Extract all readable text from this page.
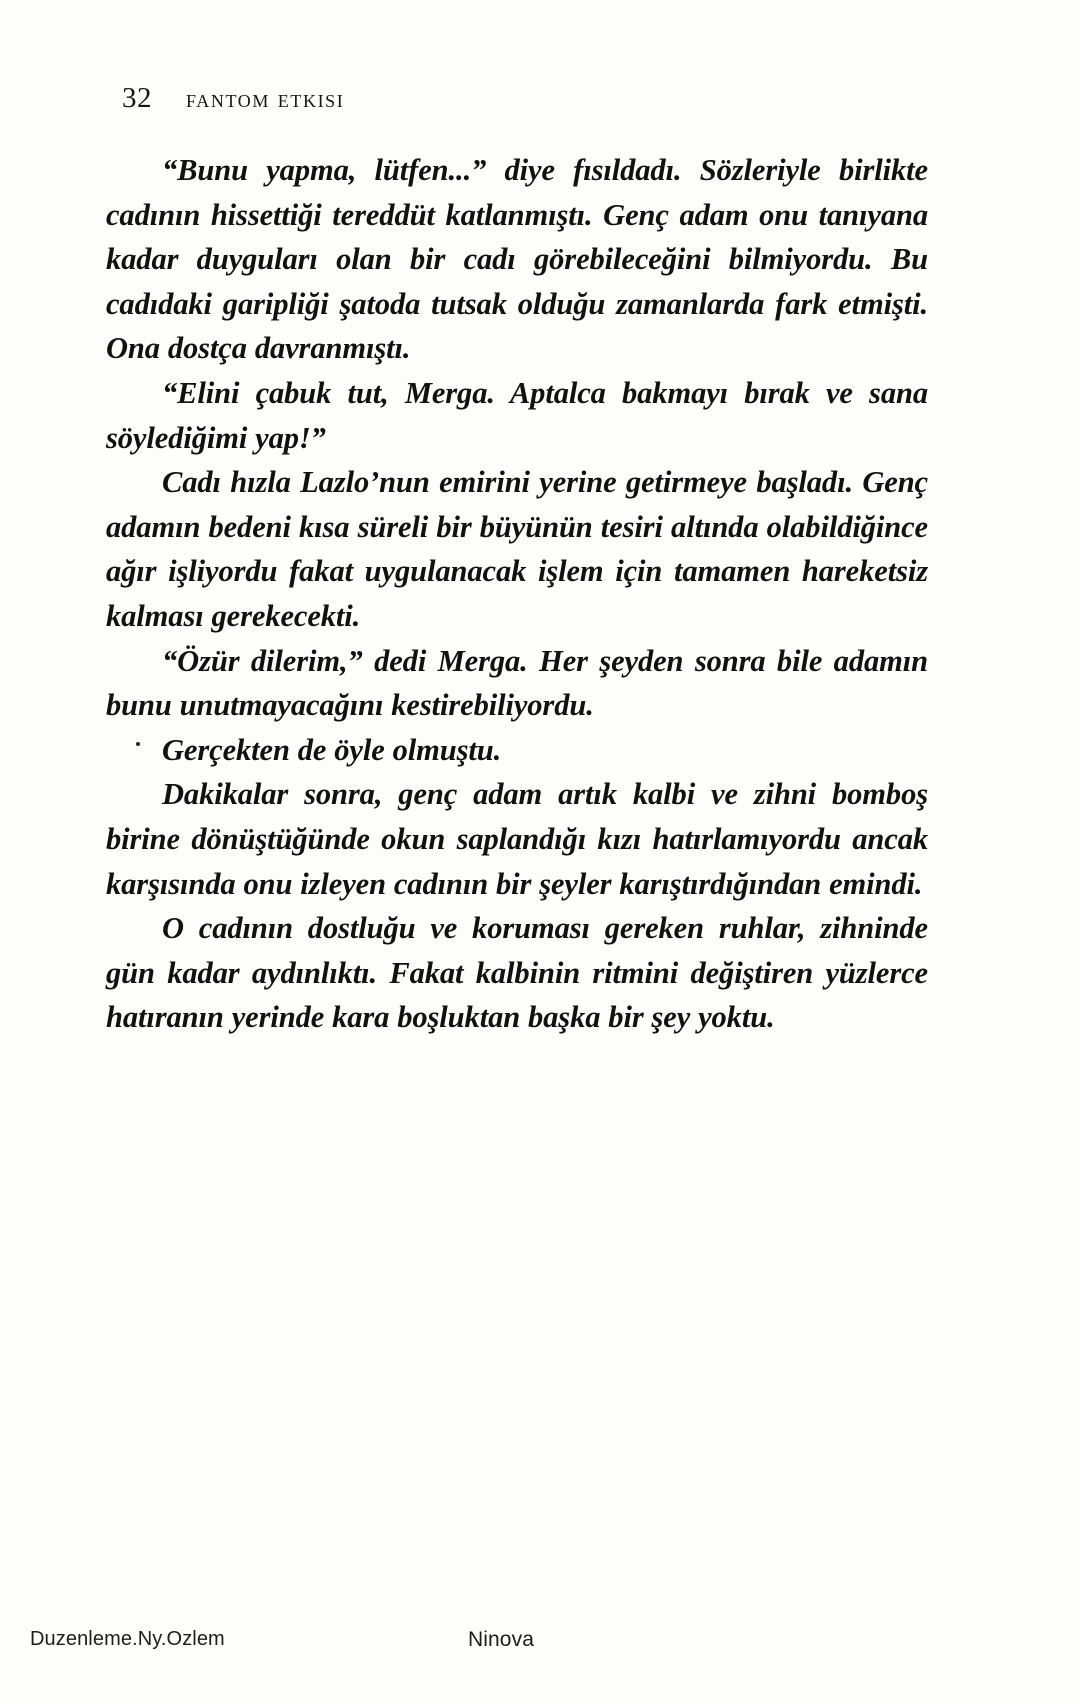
32 fantom etkisi

“Bunu yapma, lütfen...” diye fısıldadı. Sözleriyle birlikte cadının hissettiği tereddüt katlanmıştı. Genç adam onu tanıyana kadar duyguları olan bir cadı görebileceğini bilmiyordu. Bu cadıdaki garipliği şatoda tutsak olduğu zamanlarda fark etmişti. Ona dostça davranmıştı.

“Elini çabuk tut, Merga. Aptalca bakmayı bırak ve sana söylediğimi yap!”

Cadı hızla Lazlo’nun emirini yerine getirmeye başladı. Genç adamın bedeni kısa süreli bir büyünün tesiri altında olabildiğince ağır işliyordu fakat uygulanacak işlem için tamamen hareketsiz kalması gerekecekti.

“Özür dilerim,” dedi Merga. Her şeyden sonra bile adamın bunu unutmayacağını kestirebiliyordu.

Gerçekten de öyle olmuştu.

Dakikalar sonra, genç adam artık kalbi ve zihni bomboş birine dönüştüğünde okun saplandığı kızı hatırlamıyordu ancak karşısında onu izleyen cadının bir şeyler karıştırdığından emindi.

O cadının dostluğu ve koruması gereken ruhlar, zihninde gün kadar aydınlıktı. Fakat kalbinin ritmini değiştiren yüzlerce hatıranın yerinde kara boşluktan başka bir şey yoktu.

Duzenleme.Ny.Ozlem	Ninova
